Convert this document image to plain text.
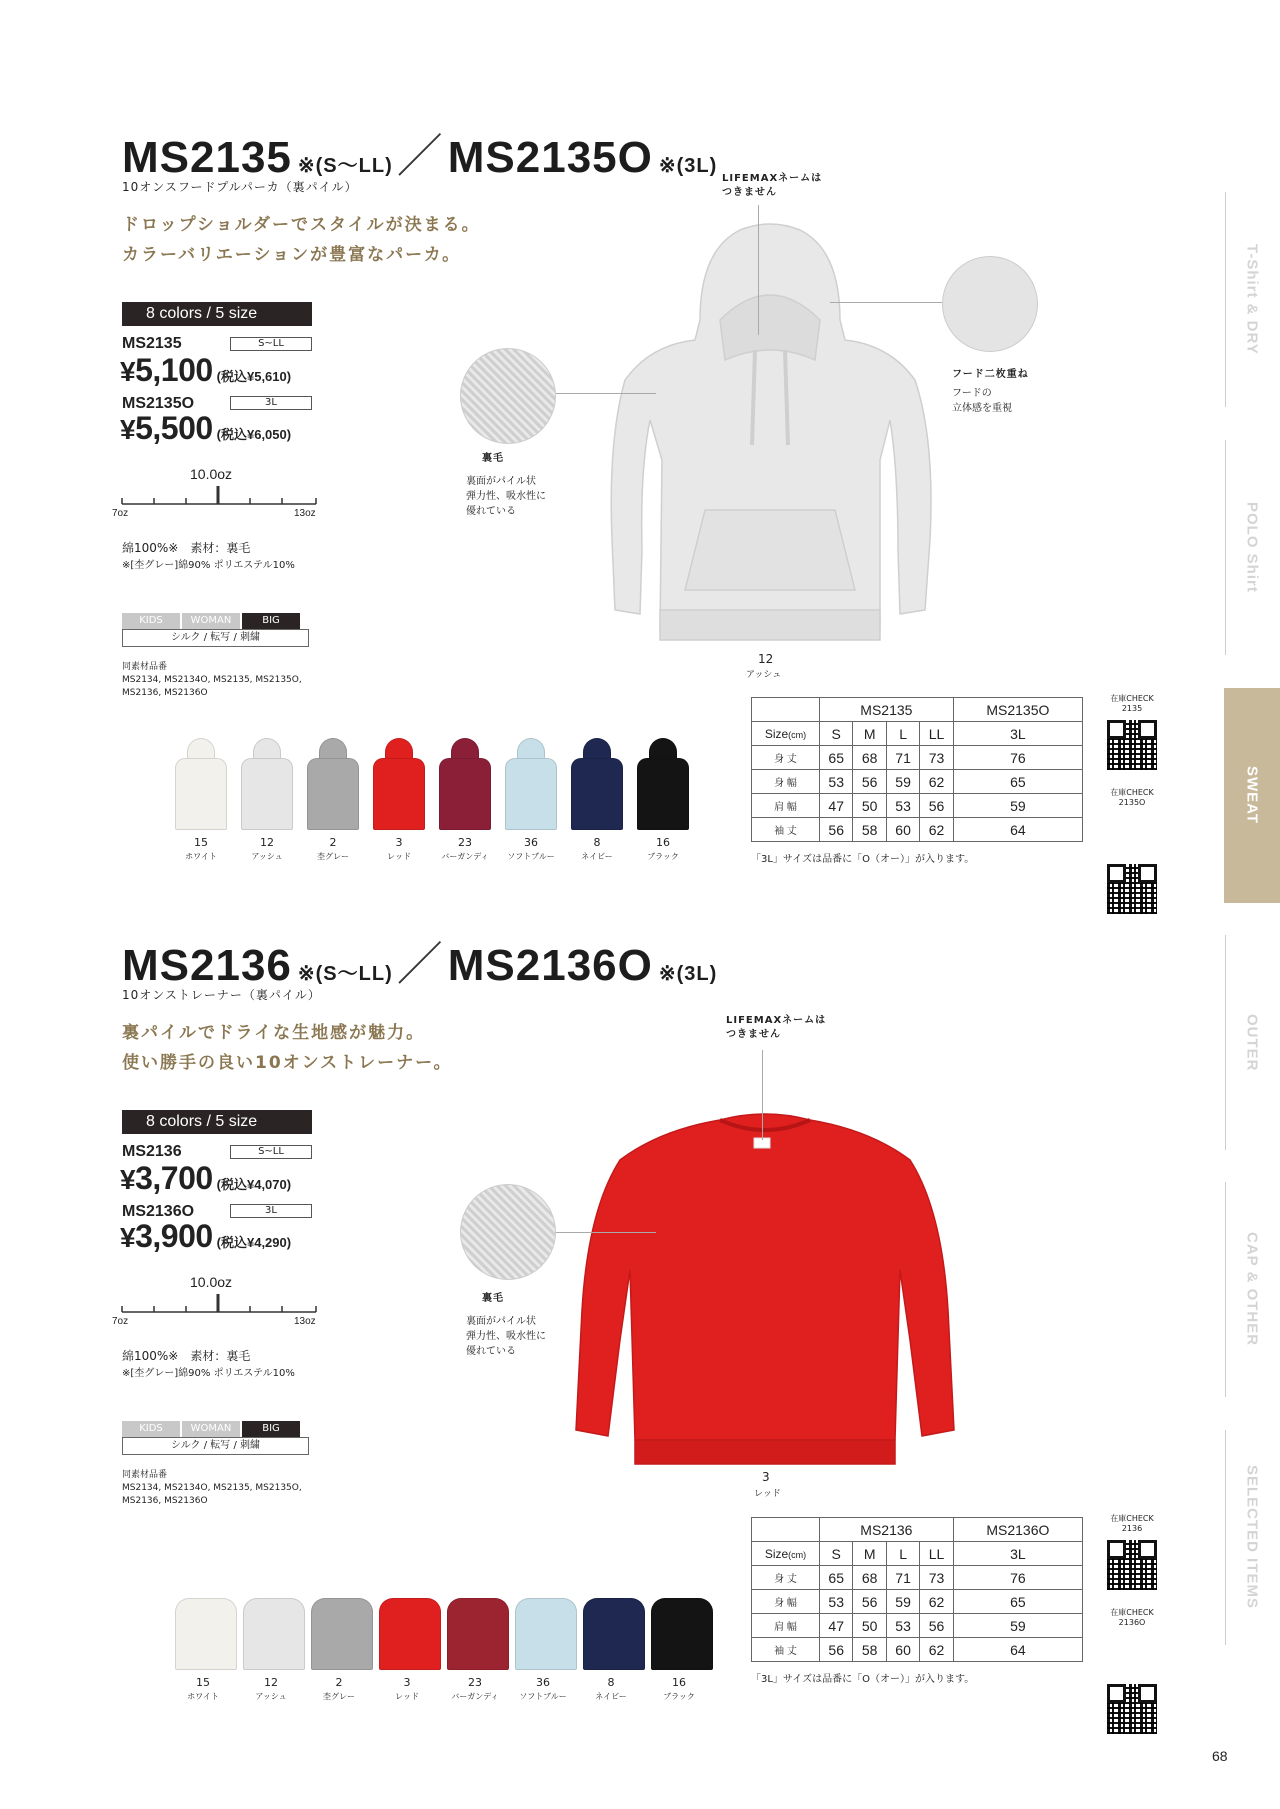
T-Shirt & DRY
POLO Shirt
SWEAT
OUTER
CAP & OTHER
SELECTED ITEMS
68
MS2135 ※(S〜LL)／MS2135O ※(3L)
10オンスフードプルパーカ（裏パイル）
ドロップショルダーでスタイルが決まる。
カラーバリエーションが豊富なパーカ。
8 colors / 5 size
MS2135	S~LL
¥5,100 (税込¥5,610)
MS2135O	3L
¥5,500 (税込¥6,050)
10.0oz
7oz	13oz
綿100%※　素材：裏毛
※[杢グレー]綿90% ポリエステル10%
KIDS	WOMAN	BIG
シルク / 転写 / 刺繍
同素材品番
MS2134, MS2134O, MS2135, MS2135O,
MS2136, MS2136O
12
アッシュ
LIFEMAXネームは
つきません
裏毛
裏面がパイル状
弾力性、吸水性に
優れている
フード二枚重ね
フードの
立体感を重視
15
ホワイト
12
アッシュ
2
杢グレー
3
レッド
23
バーガンディ
36
ソフトブルー
8
ネイビー
16
ブラック
	MS2135				MS2135O
Size(cm)	S	M	L	LL	3L
身 丈	65	68	71	73	76
身 幅	53	56	59	62	65
肩 幅	47	50	53	56	59
袖 丈	56	58	60	62	64
「3L」サイズは品番に「O（オー）」が入ります。
在庫CHECK
2135
在庫CHECK
2135O
MS2136 ※(S〜LL)／MS2136O ※(3L)
10オンストレーナー（裏パイル）
裏パイルでドライな生地感が魅力。
使い勝手の良い10オンストレーナー。
8 colors / 5 size
MS2136	S~LL
¥3,700 (税込¥4,070)
MS2136O	3L
¥3,900 (税込¥4,290)
10.0oz
7oz	13oz
綿100%※　素材：裏毛
※[杢グレー]綿90% ポリエステル10%
KIDS	WOMAN	BIG
シルク / 転写 / 刺繍
同素材品番
MS2134, MS2134O, MS2135, MS2135O,
MS2136, MS2136O
3
レッド
LIFEMAXネームは
つきません
裏毛
裏面がパイル状
弾力性、吸水性に
優れている
15
ホワイト
12
アッシュ
2
杢グレー
3
レッド
23
バーガンディ
36
ソフトブルー
8
ネイビー
16
ブラック
	MS2136				MS2136O
Size(cm)	S	M	L	LL	3L
身 丈	65	68	71	73	76
身 幅	53	56	59	62	65
肩 幅	47	50	53	56	59
袖 丈	56	58	60	62	64
「3L」サイズは品番に「O（オー）」が入ります。
在庫CHECK
2136
在庫CHECK
2136O
